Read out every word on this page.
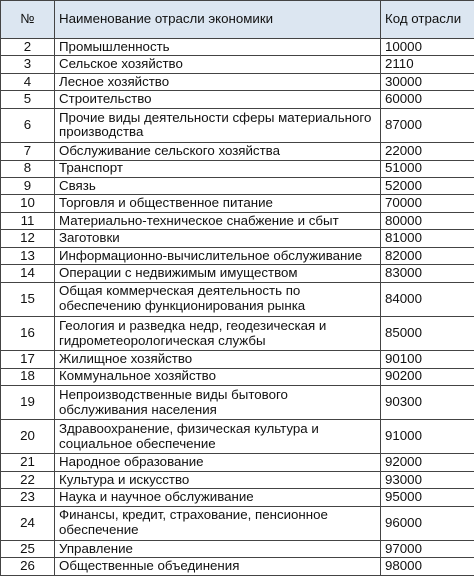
№	Наименование отрасли экономики	Код отрасли
2	Промышленность	10000
3	Сельское хозяйство	2110
4	Лесное хозяйство	30000
5	Строительство	60000
6	Прочие виды деятельности сферы материального производства	87000
7	Обслуживание сельского хозяйства	22000
8	Транспорт	51000
9	Связь	52000
10	Торговля и общественное питание	70000
11	Материально-техническое снабжение и сбыт	80000
12	Заготовки	81000
13	Информационно-вычислительное обслуживание	82000
14	Операции с недвижимым имуществом	83000
15	Общая коммерческая деятельность по обеспечению функционирования рынка	84000
16	Геология и разведка недр, геодезическая и гидрометеорологическая службы	85000
17	Жилищное хозяйство	90100
18	Коммунальное хозяйство	90200
19	Непроизводственные виды бытового обслуживания населения	90300
20	Здравоохранение, физическая культура и социальное обеспечение	91000
21	Народное образование	92000
22	Культура и искусство	93000
23	Наука и научное обслуживание	95000
24	Финансы, кредит, страхование, пенсионное обеспечение	96000
25	Управление	97000
26	Общественные объединения	98000
